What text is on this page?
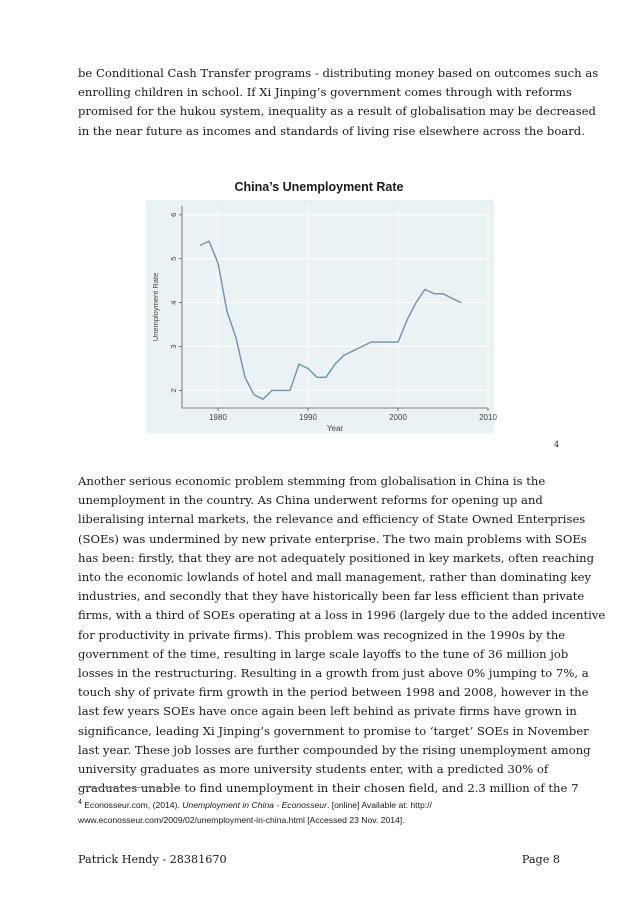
be Conditional Cash Transfer programs - distributing money based on outcomes such as
enrolling children in school. If Xi Jinping’s government comes through with reforms
promised for the hukou system, inequality as a result of globalisation may be decreased
in the near future as incomes and standards of living rise elsewhere across the board.
China’s Unemployment Rate
2
3
4
5
6
1980	1990	2000	2010
Unemployment Rate
Year
4
Another serious economic problem stemming from globalisation in China is the
unemployment in the country. As China underwent reforms for opening up and
liberalising internal markets, the relevance and efficiency of State Owned Enterprises
(SOEs) was undermined by new private enterprise. The two main problems with SOEs
has been: firstly, that they are not adequately positioned in key markets, often reaching
into the economic lowlands of hotel and mall management, rather than dominating key
industries, and secondly that they have historically been far less efficient than private
firms, with a third of SOEs operating at a loss in 1996 (largely due to the added incentive
for productivity in private firms). This problem was recognized in the 1990s by the
government of the time, resulting in large scale layoffs to the tune of 36 million job
losses in the restructuring. Resulting in a growth from just above 0% jumping to 7%, a
touch shy of private firm growth in the period between 1998 and 2008, however in the
last few years SOEs have once again been left behind as private firms have grown in
significance, leading Xi Jinping’s government to promise to ‘target’ SOEs in November
last year. These job losses are further compounded by the rising unemployment among
university graduates as more university students enter, with a predicted 30% of
graduates unable to find unemployment in their chosen field, and 2.3 million of the 7
$^4$ Econosseur.com, (2014). Unemployment in China - Econosseur. [online] Available at: http://
www.econosseur.com/2009/02/unemployment-in-china.html [Accessed 23 Nov. 2014].
Patrick Hendy - 28381670	Page 8
